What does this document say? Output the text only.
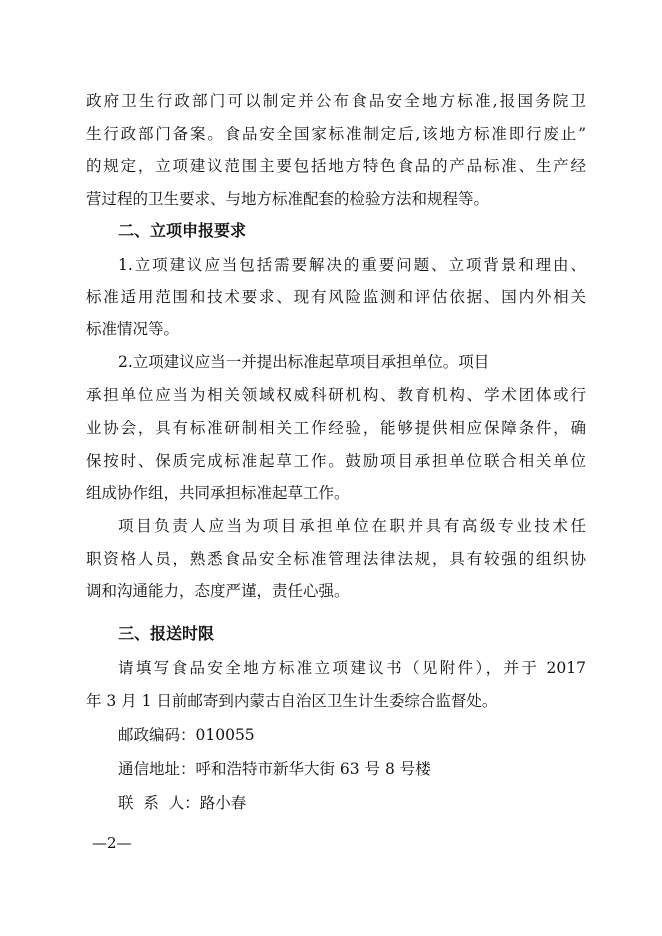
政府卫生行政部门可以制定并公布食品安全地方标准,报国务院卫
生行政部门备案。食品安全国家标准制定后,该地方标准即行废止”
的规定，立项建议范围主要包括地方特色食品的产品标准、生产经
营过程的卫生要求、与地方标准配套的检验方法和规程等。
二、立项申报要求
1.立项建议应当包括需要解决的重要问题、立项背景和理由、
标准适用范围和技术要求、现有风险监测和评估依据、国内外相关
标准情况等。
2.立项建议应当一并提出标准起草项目承担单位。项目
承担单位应当为相关领域权威科研机构、教育机构、学术团体或行
业协会，具有标准研制相关工作经验，能够提供相应保障条件，确
保按时、保质完成标准起草工作。鼓励项目承担单位联合相关单位
组成协作组，共同承担标准起草工作。
项目负责人应当为项目承担单位在职并具有高级专业技术任
职资格人员，熟悉食品安全标准管理法律法规，具有较强的组织协
调和沟通能力，态度严谨，责任心强。
三、报送时限
请填写食品安全地方标准立项建议书（见附件），并于 2017
年 3 月 1 日前邮寄到内蒙古自治区卫生计生委综合监督处。
邮政编码：010055
通信地址：呼和浩特市新华大街 63 号 8 号楼
联  系  人：路小春
—2—
